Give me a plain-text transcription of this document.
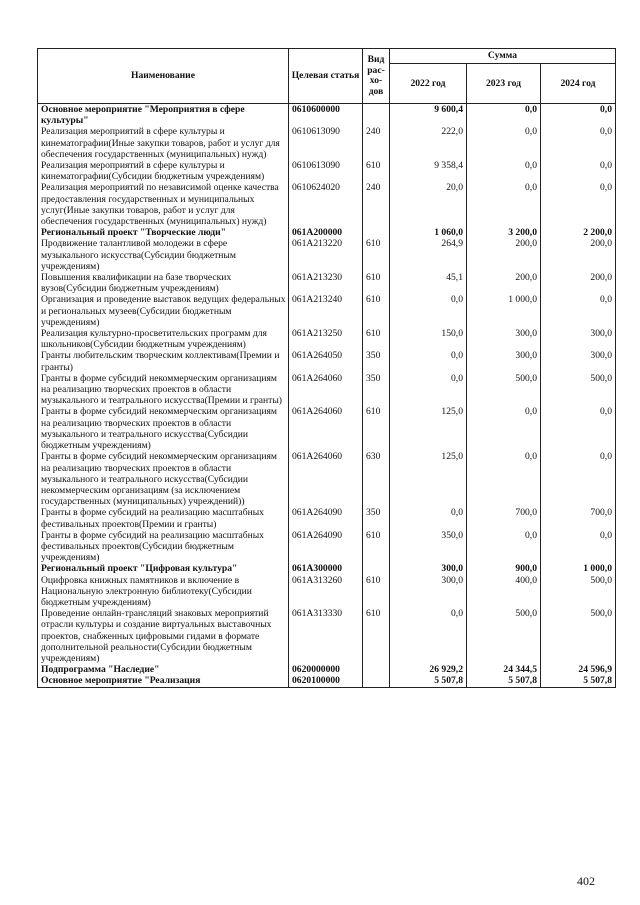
Наименование	Целевая статья	Вид рас-хо-дов	Сумма		
			2022 год	2023 год	2024 год
Основное мероприятие "Мероприятия в сфере культуры"	0610600000		9 600,4	0,0	0,0
Реализация мероприятий в сфере культуры и кинематографии(Иные закупки товаров, работ и услуг для обеспечения государственных (муниципальных) нужд)	0610613090	240	222,0	0,0	0,0
Реализация мероприятий в сфере культуры и кинематографии(Субсидии бюджетным учреждениям)	0610613090	610	9 358,4	0,0	0,0
Реализация мероприятий по независимой оценке качества предоставления государственных и муниципальных услуг(Иные закупки товаров, работ и услуг для обеспечения государственных (муниципальных) нужд)	0610624020	240	20,0	0,0	0,0
Региональный проект "Творческие люди"	061A200000		1 060,0	3 200,0	2 200,0
Продвижение талантливой молодежи в сфере музыкального искусства(Субсидии бюджетным учреждениям)	061A213220	610	264,9	200,0	200,0
Повышения квалификации на базе творческих вузов(Субсидии бюджетным учреждениям)	061A213230	610	45,1	200,0	200,0
Организация и проведение выставок ведущих федеральных и региональных музеев(Субсидии бюджетным учреждениям)	061A213240	610	0,0	1 000,0	0,0
Реализация культурно-просветительских программ для школьников(Субсидии бюджетным учреждениям)	061A213250	610	150,0	300,0	300,0
Гранты любительским творческим коллективам(Премии и гранты)	061A264050	350	0,0	300,0	300,0
Гранты в форме субсидий некоммерческим организациям на реализацию творческих проектов в области музыкального и театрального искусства(Премии и гранты)	061A264060	350	0,0	500,0	500,0
Гранты в форме субсидий некоммерческим организациям на реализацию творческих проектов в области музыкального и театрального искусства(Субсидии бюджетным учреждениям)	061A264060	610	125,0	0,0	0,0
Гранты в форме субсидий некоммерческим организациям на реализацию творческих проектов в области музыкального и театрального искусства(Субсидии некоммерческим организациям (за исключением государственных (муниципальных) учреждений))	061A264060	630	125,0	0,0	0,0
Гранты в форме субсидий на реализацию масштабных фестивальных проектов(Премии и гранты)	061A264090	350	0,0	700,0	700,0
Гранты в форме субсидий на реализацию масштабных фестивальных проектов(Субсидии бюджетным учреждениям)	061A264090	610	350,0	0,0	0,0
Региональный проект "Цифровая культура"	061A300000		300,0	900,0	1 000,0
Оцифровка книжных памятников и включение в Национальную электронную библиотеку(Субсидии бюджетным учреждениям)	061A313260	610	300,0	400,0	500,0
Проведение онлайн-трансляций знаковых мероприятий отрасли культуры и создание виртуальных выставочных проектов, снабженных цифровыми гидами в формате дополнительной реальности(Субсидии бюджетным учреждениям)	061A313330	610	0,0	500,0	500,0
Подпрограмма "Наследие"	0620000000		26 929,2	24 344,5	24 596,9
Основное мероприятие "Реализация	0620100000		5 507,8	5 507,8	5 507,8
402
